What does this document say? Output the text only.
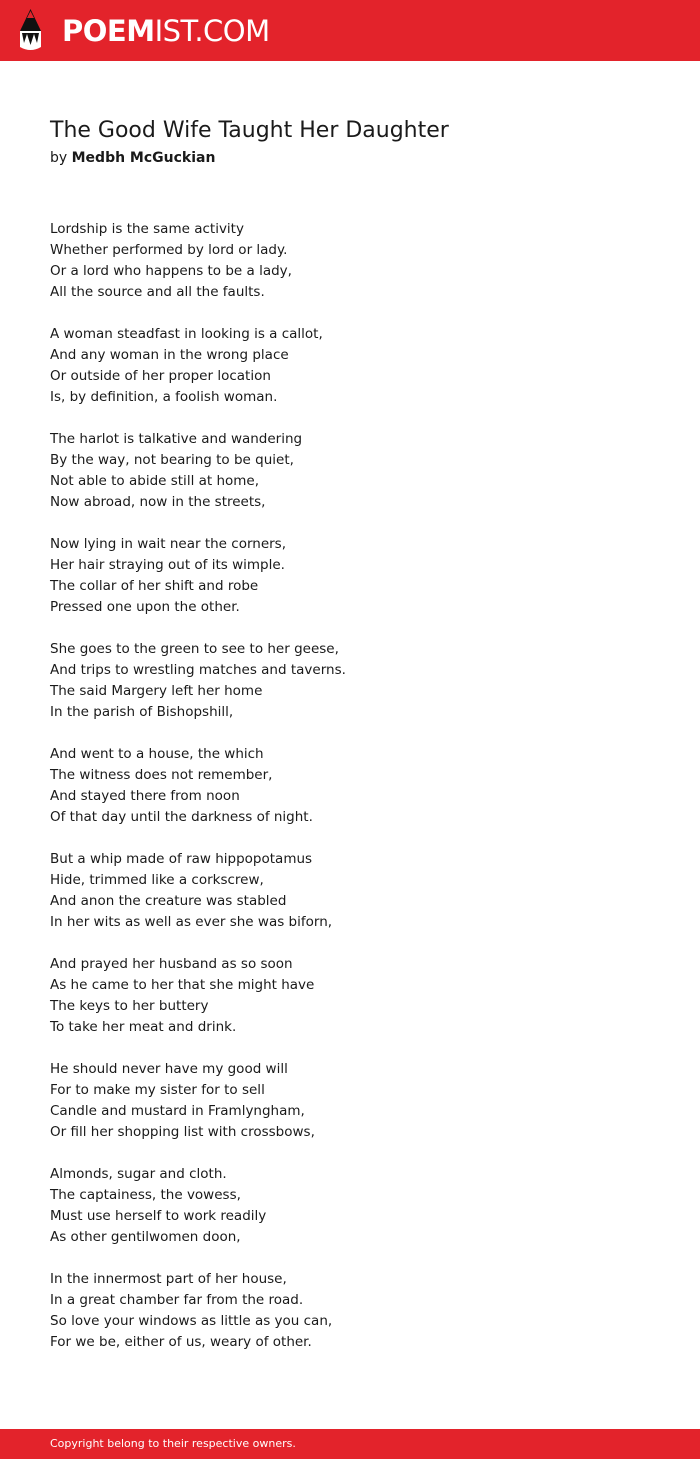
POEMIST.COM
The Good Wife Taught Her Daughter
by Medbh McGuckian
Lordship is the same activity
Whether performed by lord or lady.
Or a lord who happens to be a lady,
All the source and all the faults.
A woman steadfast in looking is a callot,
And any woman in the wrong place
Or outside of her proper location
Is, by definition, a foolish woman.
The harlot is talkative and wandering
By the way, not bearing to be quiet,
Not able to abide still at home,
Now abroad, now in the streets,
Now lying in wait near the corners,
Her hair straying out of its wimple.
The collar of her shift and robe
Pressed one upon the other.
She goes to the green to see to her geese,
And trips to wrestling matches and taverns.
The said Margery left her home
In the parish of Bishopshill,
And went to a house, the which
The witness does not remember,
And stayed there from noon
Of that day until the darkness of night.
But a whip made of raw hippopotamus
Hide, trimmed like a corkscrew,
And anon the creature was stabled
In her wits as well as ever she was biforn,
And prayed her husband as so soon
As he came to her that she might have
The keys to her buttery
To take her meat and drink.
He should never have my good will
For to make my sister for to sell
Candle and mustard in Framlyngham,
Or fill her shopping list with crossbows,
Almonds, sugar and cloth.
The captainess, the vowess,
Must use herself to work readily
As other gentilwomen doon,
In the innermost part of her house,
In a great chamber far from the road.
So love your windows as little as you can,
For we be, either of us, weary of other.
Copyright belong to their respective owners.
